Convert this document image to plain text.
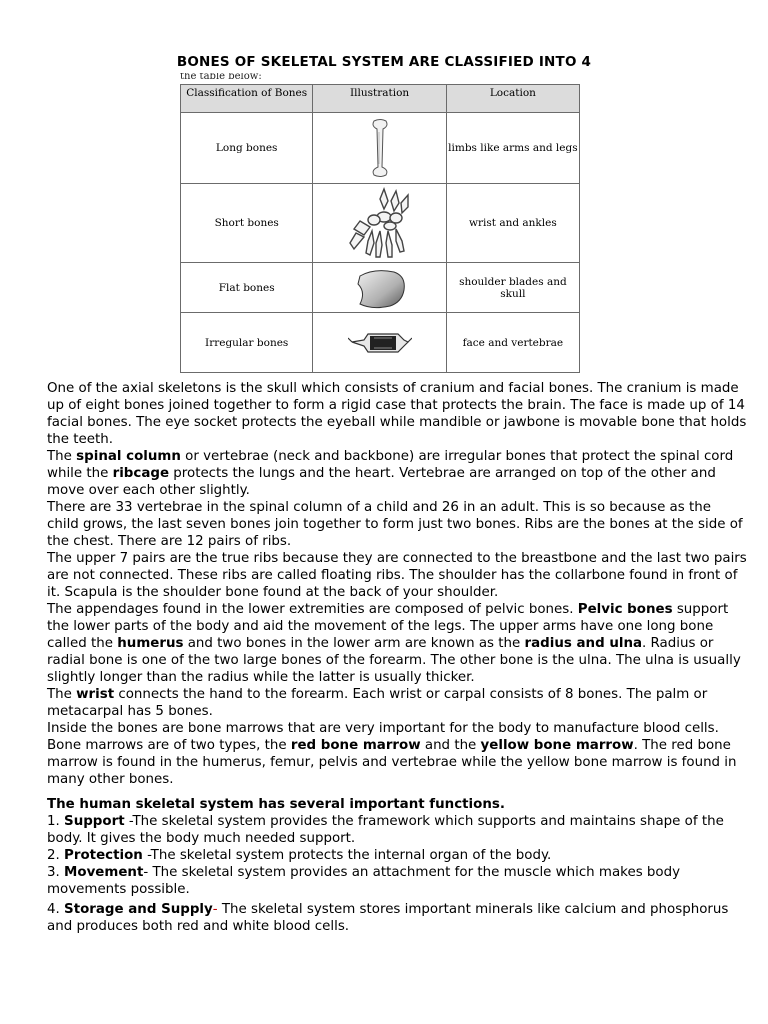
BONES OF SKELETAL SYSTEM ARE CLASSIFIED INTO 4
the table below:
Classification of Bones	Illustration	Location
Long bones		limbs like arms and legs
Short bones		wrist and ankles
Flat bones		shoulder blades and skull
Irregular bones		face and vertebrae

One of the axial skeletons is the skull which consists of cranium and facial bones. The cranium is made up of eight bones joined together to form a rigid case that protects the brain. The face is made up of 14 facial bones. The eye socket protects the eyeball while mandible or jawbone is movable bone that holds the teeth.

The spinal column or vertebrae (neck and backbone) are irregular bones that protect the spinal cord while the ribcage protects the lungs and the heart. Vertebrae are arranged on top of the other and move over each other slightly.

There are 33 vertebrae in the spinal column of a child and 26 in an adult. This is so because as the child grows, the last seven bones join together to form just two bones. Ribs are the bones at the side of the chest. There are 12 pairs of ribs.

The upper 7 pairs are the true ribs because they are connected to the breastbone and the last two pairs are not connected. These ribs are called floating ribs. The shoulder has the collarbone found in front of it. Scapula is the shoulder bone found at the back of your shoulder.

The appendages found in the lower extremities are composed of pelvic bones. Pelvic bones support the lower parts of the body and aid the movement of the legs. The upper arms have one long bone called the humerus and two bones in the lower arm are known as the radius and ulna. Radius or radial bone is one of the two large bones of the forearm. The other bone is the ulna. The ulna is usually slightly longer than the radius while the latter is usually thicker.

The wrist connects the hand to the forearm. Each wrist or carpal consists of 8 bones. The palm or metacarpal has 5 bones.

Inside the bones are bone marrows that are very important for the body to manufacture blood cells. Bone marrows are of two types, the red bone marrow and the yellow bone marrow. The red bone marrow is found in the humerus, femur, pelvis and vertebrae while the yellow bone marrow is found in many other bones.

The human skeletal system has several important functions.

1. Support -The skeletal system provides the framework which supports and maintains shape of the body. It gives the body much needed support.

2. Protection -The skeletal system protects the internal organ of the body.

3. Movement- The skeletal system provides an attachment for the muscle which makes body movements possible.

4. Storage and Supply- The skeletal system stores important minerals like calcium and phosphorus and produces both red and white blood cells.
